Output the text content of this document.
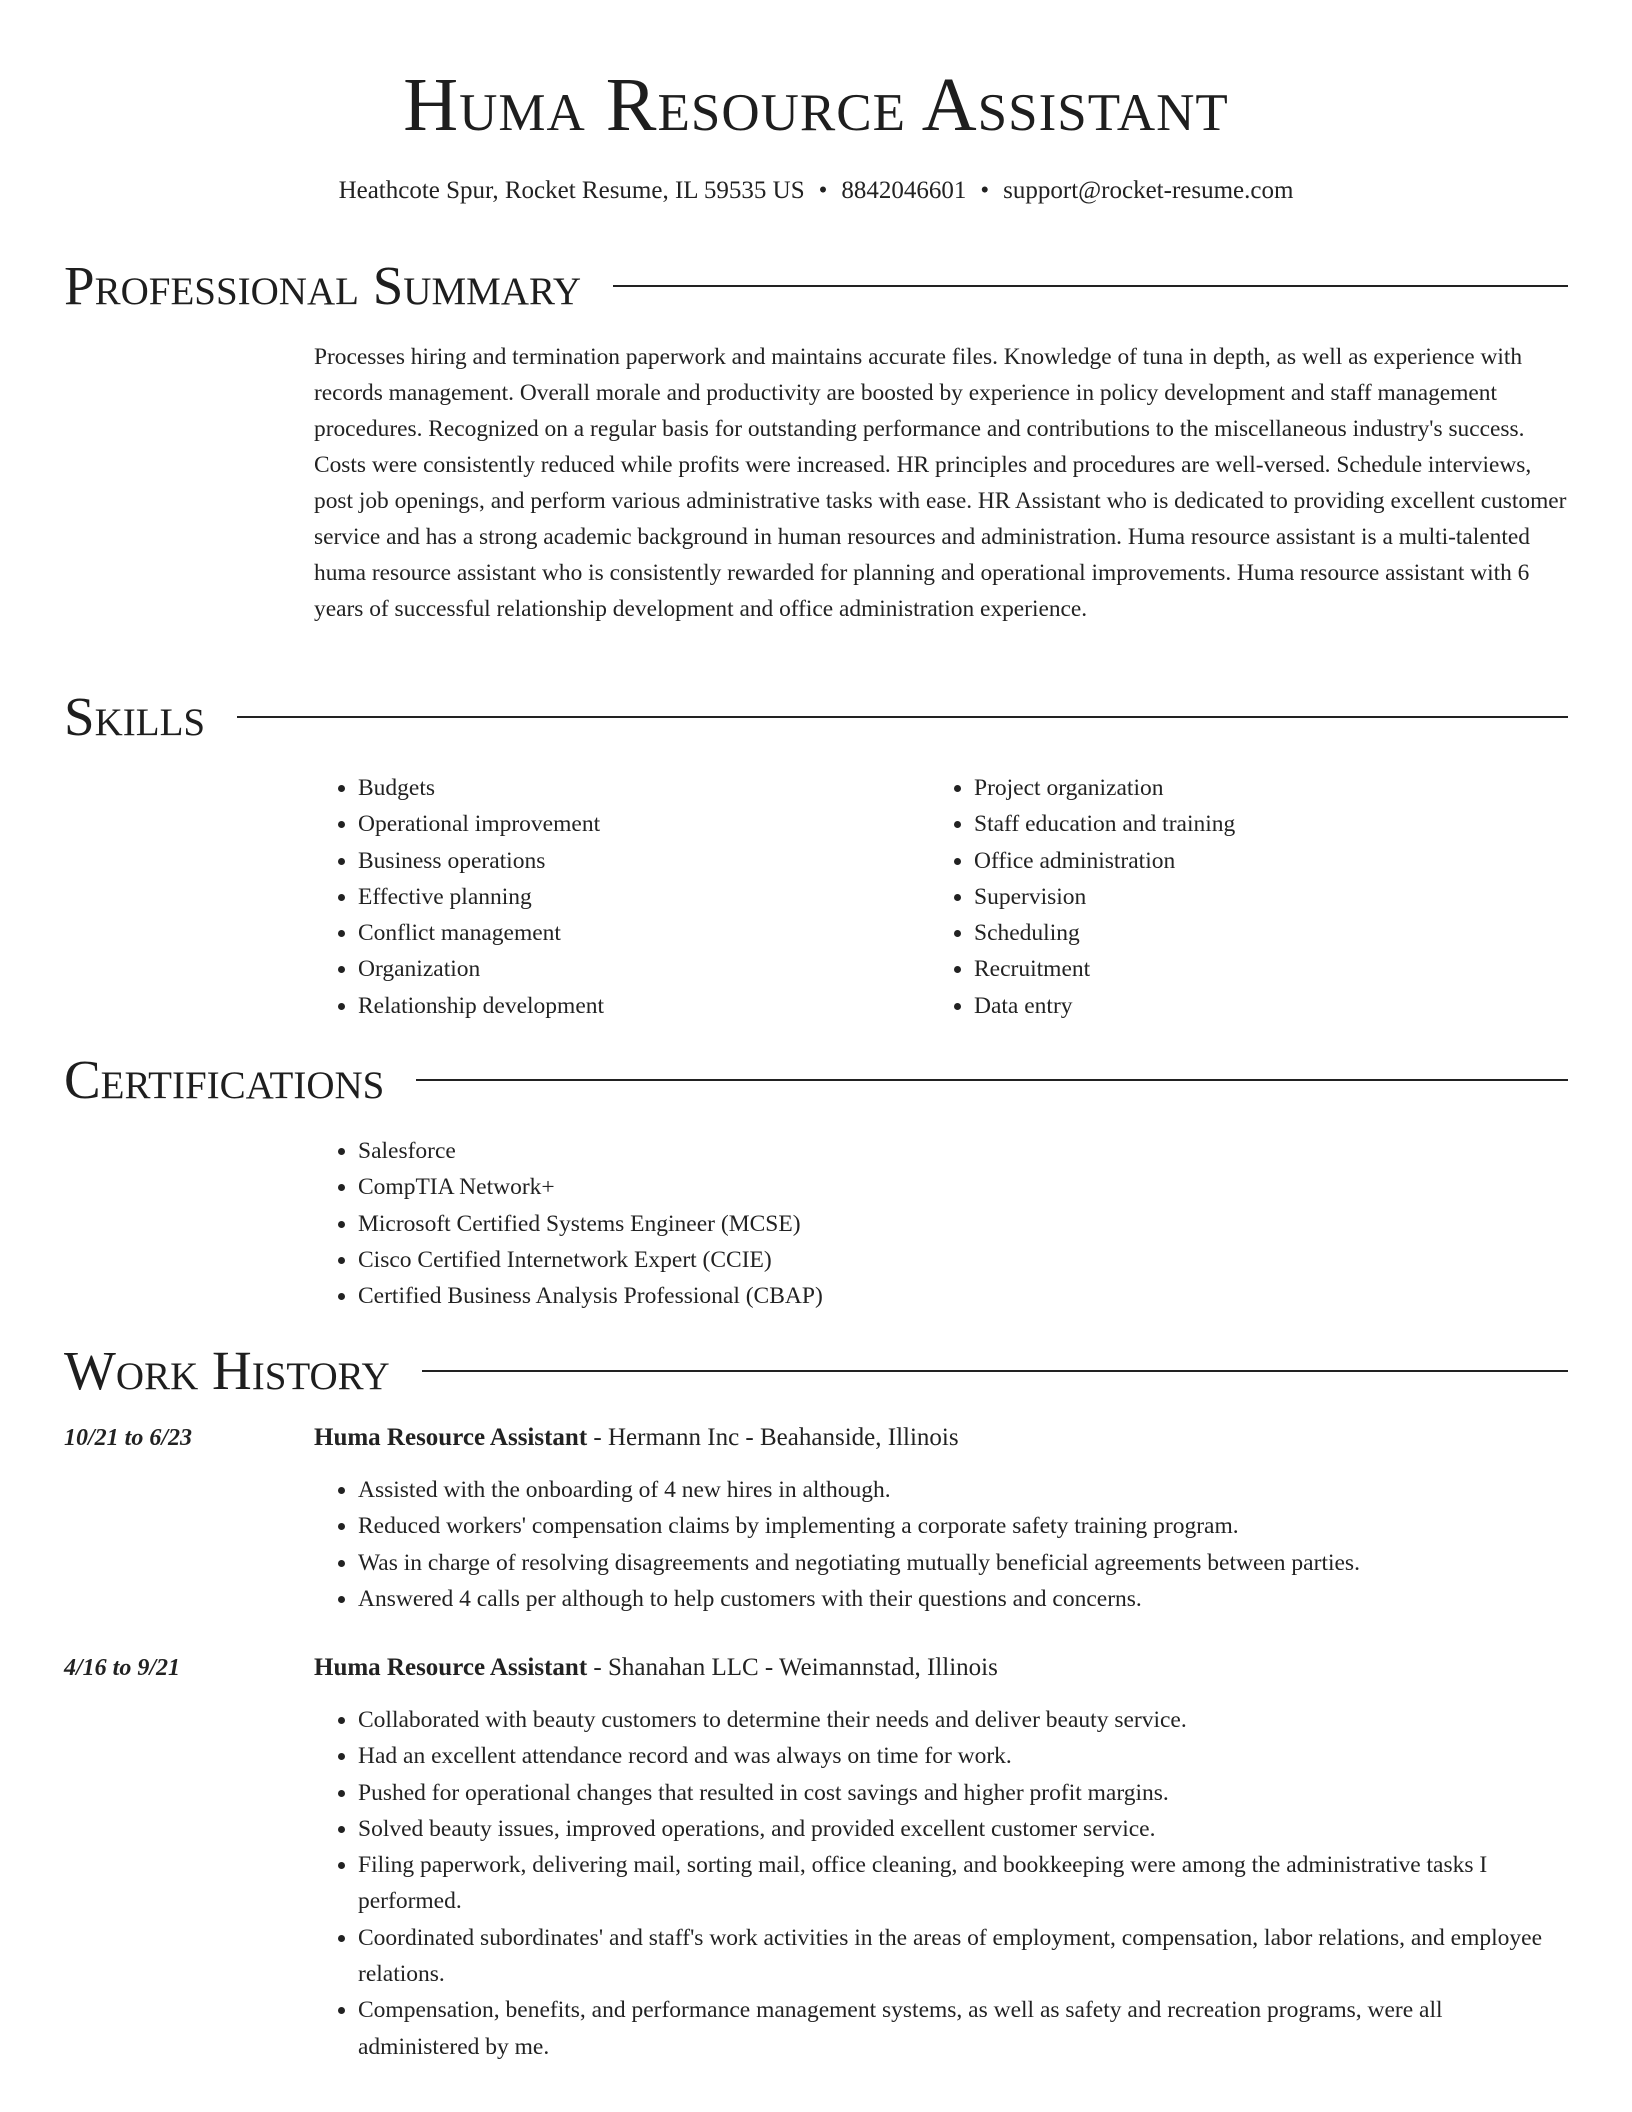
Huma Resource Assistant
Heathcote Spur, Rocket Resume, IL 59535 US • 8842046601 • support@rocket-resume.com
Professional Summary

Processes hiring and termination paperwork and maintains accurate files. Knowledge of tuna in depth, as well as experience with records management. Overall morale and productivity are boosted by experience in policy development and staff management procedures. Recognized on a regular basis for outstanding performance and contributions to the miscellaneous industry's success. Costs were consistently reduced while profits were increased. HR principles and procedures are well-versed. Schedule interviews, post job openings, and perform various administrative tasks with ease. HR Assistant who is dedicated to providing excellent customer service and has a strong academic background in human resources and administration. Huma resource assistant is a multi-talented huma resource assistant who is consistently rewarded for planning and operational improvements. Huma resource assistant with 6 years of successful relationship development and office administration experience.

Skills
• Budgets
• Operational improvement
• Business operations
• Effective planning
• Conflict management
• Organization
• Relationship development
• Project organization
• Staff education and training
• Office administration
• Supervision
• Scheduling
• Recruitment
• Data entry
Certifications
• Salesforce
• CompTIA Network+
• Microsoft Certified Systems Engineer (MCSE)
• Cisco Certified Internetwork Expert (CCIE)
• Certified Business Analysis Professional (CBAP)
Work History
10/21 to 6/23	Huma Resource Assistant - Hermann Inc - Beahanside, Illinois
• Assisted with the onboarding of 4 new hires in although.
• Reduced workers' compensation claims by implementing a corporate safety training program.
• Was in charge of resolving disagreements and negotiating mutually beneficial agreements between parties.
• Answered 4 calls per although to help customers with their questions and concerns.
4/16 to 9/21	Huma Resource Assistant - Shanahan LLC - Weimannstad, Illinois
• Collaborated with beauty customers to determine their needs and deliver beauty service.
• Had an excellent attendance record and was always on time for work.
• Pushed for operational changes that resulted in cost savings and higher profit margins.
• Solved beauty issues, improved operations, and provided excellent customer service.
• Filing paperwork, delivering mail, sorting mail, office cleaning, and bookkeeping were among the administrative tasks I performed.
• Coordinated subordinates' and staff's work activities in the areas of employment, compensation, labor relations, and employee relations.
• Compensation, benefits, and performance management systems, as well as safety and recreation programs, were all administered by me.
